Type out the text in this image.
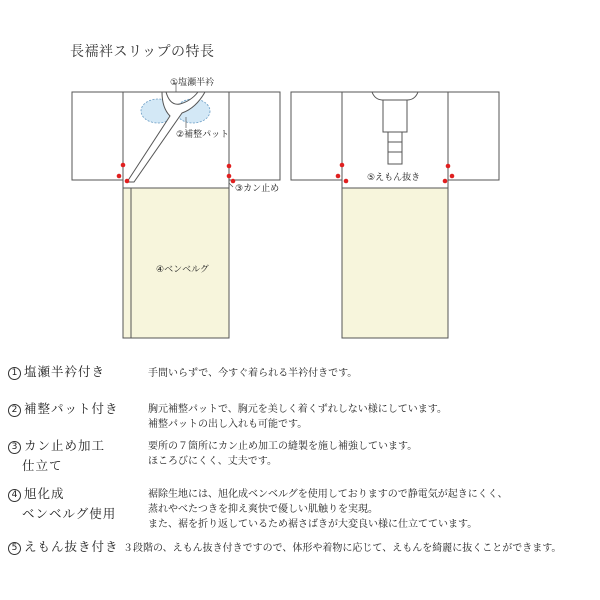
長襦袢スリップの特長
①塩瀬半衿
②補整パット
③カン止め
④ベンベルグ
⑤えもん抜き
1 塩瀬半衿付き	手間いらずで、今すぐ着られる半衿付きです。
2 補整パット付き	胸元補整パットで、胸元を美しく着くずれしない様にしています。
補整パットの出し入れも可能です。
3 カン止め加工
仕立て
要所の７箇所にカン止め加工の縫製を施し補強しています。
ほころびにくく、丈夫です。
4 旭化成
ベンベルグ使用
裾除生地には、旭化成ベンベルグを使用しておりますので静電気が起きにくく、
蒸れやべたつきを抑え爽快で優しい肌触りを実現。
また、裾を折り返しているため裾さばきが大変良い様に仕立てています。
5 えもん抜き付き ３段階の、えもん抜き付きですので、体形や着物に応じて、えもんを綺麗に抜くことができます。
